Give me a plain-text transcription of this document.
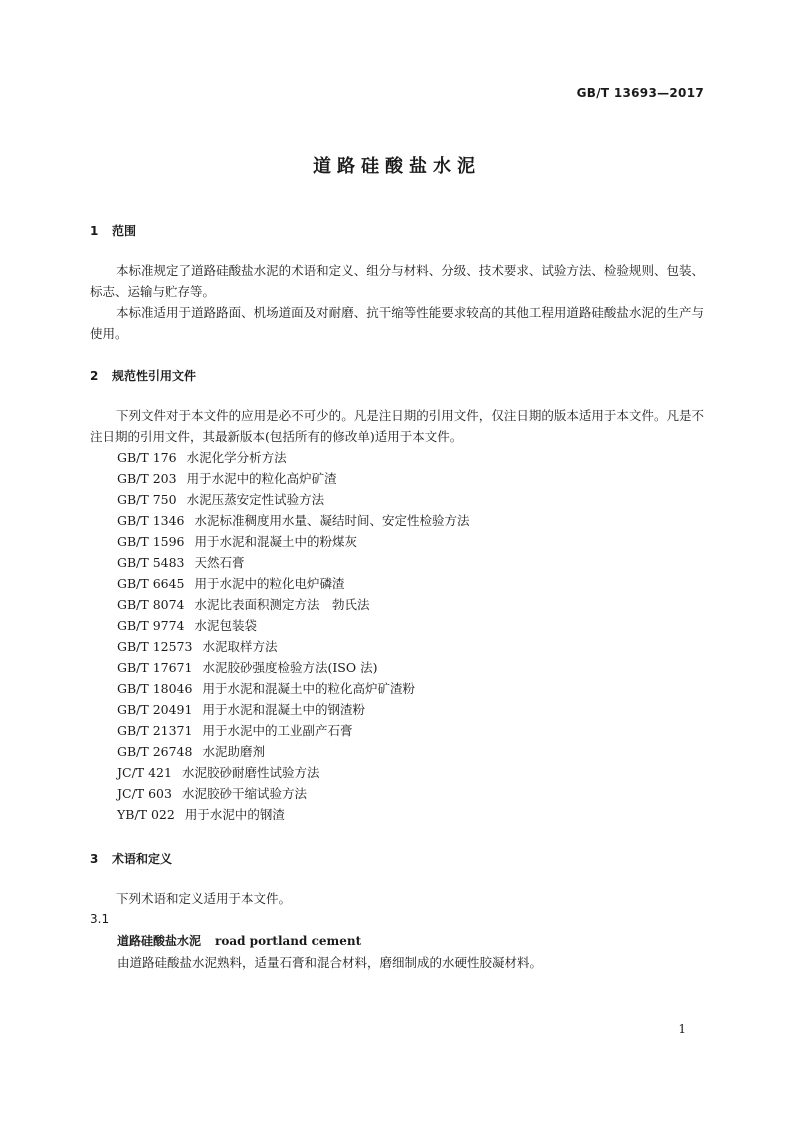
GB/T 13693—2017
道路硅酸盐水泥
1 范围
本标准规定了道路硅酸盐水泥的术语和定义、组分与材料、分级、技术要求、试验方法、检验规则、包装、标志、运输与贮存等。
本标准适用于道路路面、机场道面及对耐磨、抗干缩等性能要求较高的其他工程用道路硅酸盐水泥的生产与使用。
2 规范性引用文件
下列文件对于本文件的应用是必不可少的。凡是注日期的引用文件，仅注日期的版本适用于本文件。凡是不注日期的引用文件，其最新版本(包括所有的修改单)适用于本文件。
GB/T 176 水泥化学分析方法
GB/T 203 用于水泥中的粒化高炉矿渣
GB/T 750 水泥压蒸安定性试验方法
GB/T 1346 水泥标准稠度用水量、凝结时间、安定性检验方法
GB/T 1596 用于水泥和混凝土中的粉煤灰
GB/T 5483 天然石膏
GB/T 6645 用于水泥中的粒化电炉磷渣
GB/T 8074 水泥比表面积测定方法　勃氏法
GB/T 9774 水泥包装袋
GB/T 12573 水泥取样方法
GB/T 17671 水泥胶砂强度检验方法(ISO 法)
GB/T 18046 用于水泥和混凝土中的粒化高炉矿渣粉
GB/T 20491 用于水泥和混凝土中的钢渣粉
GB/T 21371 用于水泥中的工业副产石膏
GB/T 26748 水泥助磨剂
JC/T 421 水泥胶砂耐磨性试验方法
JC/T 603 水泥胶砂干缩试验方法
YB/T 022 用于水泥中的钢渣
3 术语和定义
下列术语和定义适用于本文件。
3.1
道路硅酸盐水泥 road portland cement
由道路硅酸盐水泥熟料，适量石膏和混合材料，磨细制成的水硬性胶凝材料。
1
